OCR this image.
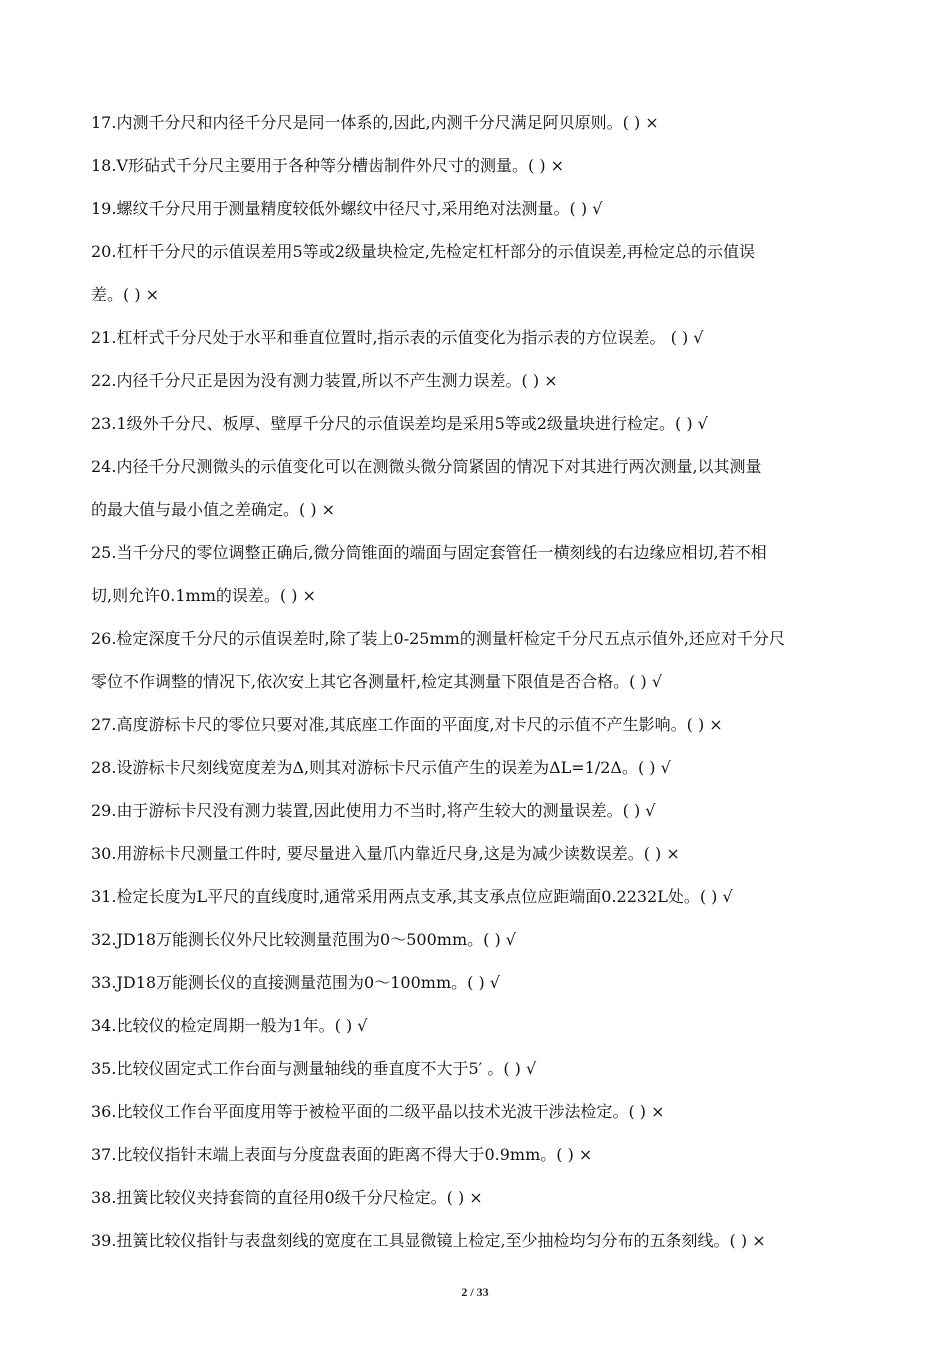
17.内测千分尺和内径千分尺是同一体系的,因此,内测千分尺满足阿贝原则。( ) ×
18.V形砧式千分尺主要用于各种等分槽齿制件外尺寸的测量。( ) ×
19.螺纹千分尺用于测量精度较低外螺纹中径尺寸,采用绝对法测量。( ) √
20.杠杆千分尺的示值误差用5等或2级量块检定,先检定杠杆部分的示值误差,再检定总的示值误
差。( ) ×
21.杠杆式千分尺处于水平和垂直位置时,指示表的示值变化为指示表的方位误差。 ( ) √
22.内径千分尺正是因为没有测力装置,所以不产生测力误差。( ) ×
23.1级外千分尺、板厚、壁厚千分尺的示值误差均是采用5等或2级量块进行检定。( ) √
24.内径千分尺测微头的示值变化可以在测微头微分筒紧固的情况下对其进行两次测量,以其测量
的最大值与最小值之差确定。( ) ×
25.当千分尺的零位调整正确后,微分筒锥面的端面与固定套管任一横刻线的右边缘应相切,若不相
切,则允许0.1mm的误差。( ) ×
26.检定深度千分尺的示值误差时,除了装上0-25mm的测量杆检定千分尺五点示值外,还应对千分尺
零位不作调整的情况下,依次安上其它各测量杆,检定其测量下限值是否合格。( ) √
27.高度游标卡尺的零位只要对准,其底座工作面的平面度,对卡尺的示值不产生影响。( ) ×
28.设游标卡尺刻线宽度差为Δ,则其对游标卡尺示值产生的误差为ΔL=1/2Δ。( ) √
29.由于游标卡尺没有测力装置,因此使用力不当时,将产生较大的测量误差。( ) √
30.用游标卡尺测量工件时, 要尽量进入量爪内靠近尺身,这是为减少读数误差。( ) ×
31.检定长度为L平尺的直线度时,通常采用两点支承,其支承点位应距端面0.2232L处。( ) √
32.JD18万能测长仪外尺比较测量范围为0～500mm。( ) √
33.JD18万能测长仪的直接测量范围为0～100mm。( ) √
34.比较仪的检定周期一般为1年。( ) √
35.比较仪固定式工作台面与测量轴线的垂直度不大于5′ 。( ) √
36.比较仪工作台平面度用等于被检平面的二级平晶以技术光波干涉法检定。( ) ×
37.比较仪指针末端上表面与分度盘表面的距离不得大于0.9mm。( ) ×
38.扭簧比较仪夹持套筒的直径用0级千分尺检定。( ) ×
39.扭簧比较仪指针与表盘刻线的宽度在工具显微镜上检定,至少抽检均匀分布的五条刻线。( ) ×
2 / 33
